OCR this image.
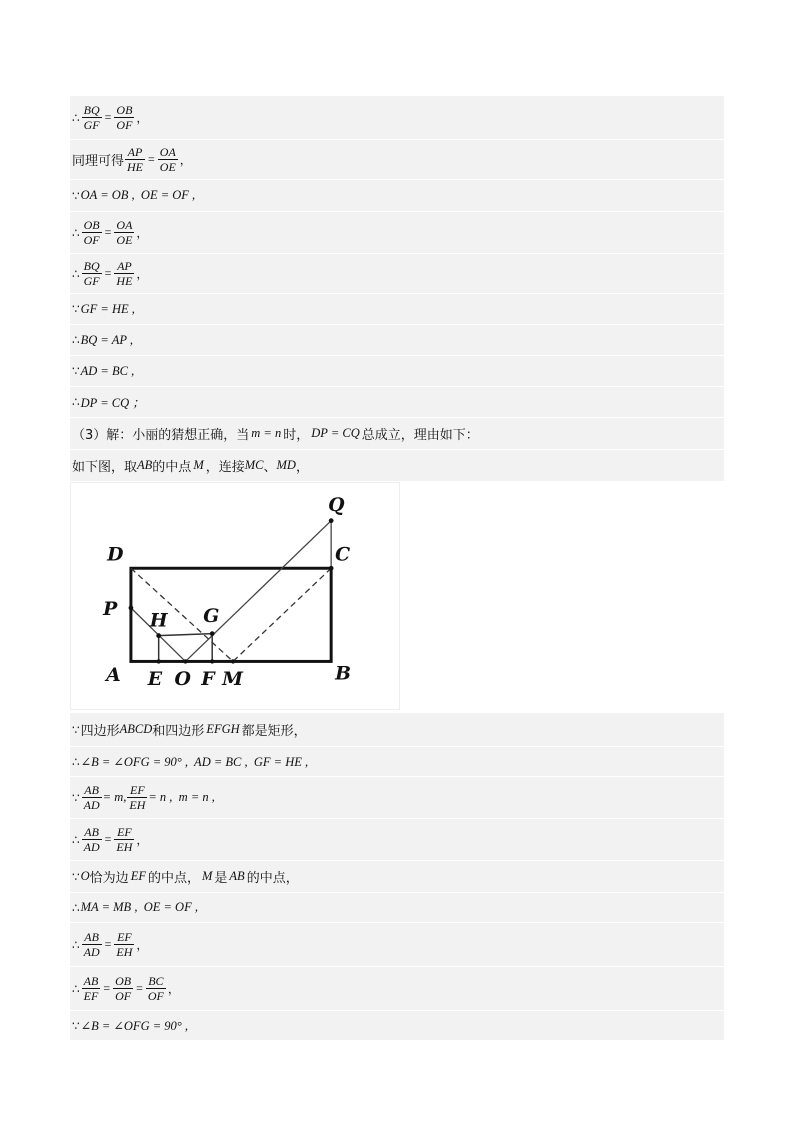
∴ $\frac{BQ}{GF} = \frac{OB}{OF}$ ，
同理可得 $\frac{AP}{HE} = \frac{OA}{OE}$ ，
∵ OA = OB ,  OE = OF ,
∴ $\frac{OB}{OF} = \frac{OA}{OE}$ ，
∴ $\frac{BQ}{GF} = \frac{AP}{HE}$ ，
∵ GF = HE ,
∴ BQ = AP ,
∵ AD = BC ,
∴ DP = CQ ；
（3）解：小丽的猜想正确，当 m = n 时， DP = CQ 总成立，理由如下：
如下图，取 AB 的中点 M ，连接 MC 、 MD ，
Q
D	C
P
H G
A E O F M	B
∵ 四边形 ABCD 和四边形 EFGH 都是矩形，
∴ ∠B = ∠OFG = 90° ,  AD = BC ,  GF = HE ,
∵ $\frac{AB}{AD} = m$, $\frac{EF}{EH} = n$ ,  m = n ,
∴ $\frac{AB}{AD} = \frac{EF}{EH}$ ，
∵ O 恰为边 EF 的中点， M 是 AB 的中点，
∴ MA = MB ,  OE = OF ,
∴ $\frac{AB}{AD} = \frac{EF}{EH}$ ，
∴ $\frac{AB}{EF} = \frac{OB}{OF} = \frac{BC}{OF}$ ，
∵ ∠B = ∠OFG = 90° ,
